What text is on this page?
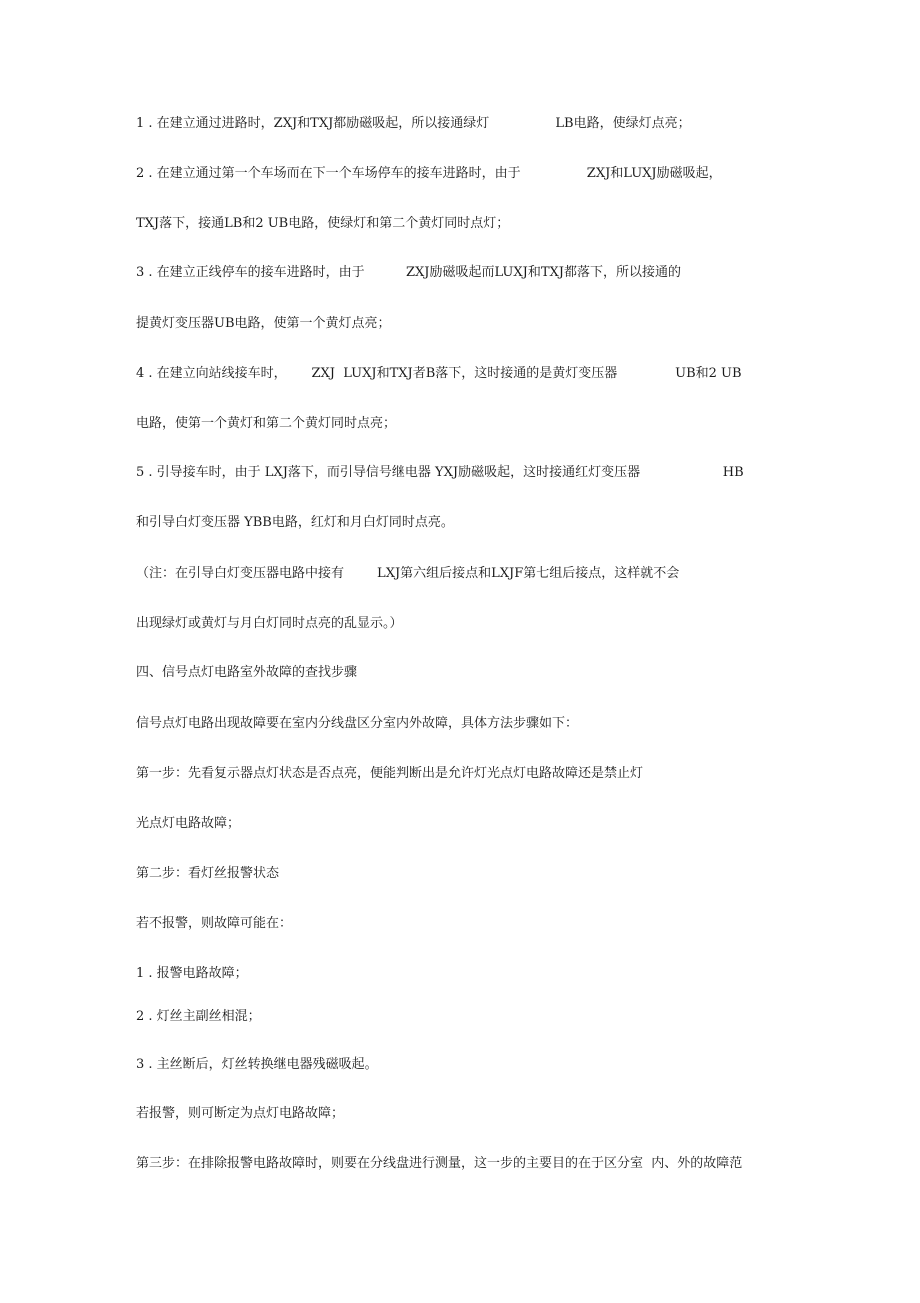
1 . 在建立通过进路时，ZXJ和TXJ都励磁吸起，所以接通绿灯                LB电路，使绿灯点亮；

2 . 在建立通过第一个车场而在下一个车场停车的接车进路时，由于                ZXJ和LUXJ励磁吸起，

TXJ落下，接通LB和2 UB电路，使绿灯和第二个黄灯同时点灯；

3 . 在建立正线停车的接车进路时，由于          ZXJ励磁吸起而LUXJ和TXJ都落下，所以接通的

提黄灯变压器UB电路，使第一个黄灯点亮；

4 . 在建立向站线接车时，      ZXJ  LUXJ和TXJ者B落下，这时接通的是黄灯变压器              UB和2 UB

电路，使第一个黄灯和第二个黄灯同时点亮；

5 . 引导接车时，由于 LXJ落下，而引导信号继电器 YXJ励磁吸起，这时接通红灯变压器                    HB

和引导白灯变压器 YBB电路，红灯和月白灯同时点亮。

（注：在引导白灯变压器电路中接有        LXJ第六组后接点和LXJF第七组后接点，这样就不会

出现绿灯或黄灯与月白灯同时点亮的乱显示。）

四、信号点灯电路室外故障的查找步骤

信号点灯电路出现故障要在室内分线盘区分室内外故障，具体方法步骤如下：

第一步：先看复示器点灯状态是否点亮，便能判断出是允许灯光点灯电路故障还是禁止灯

光点灯电路故障；

第二步：看灯丝报警状态

若不报警，则故障可能在：

1 . 报警电路故障；

2 . 灯丝主副丝相混；

3 . 主丝断后，灯丝转换继电器残磁吸起。

若报警，则可断定为点灯电路故障；

第三步：在排除报警电路故障时，则要在分线盘进行测量，这一步的主要目的在于区分室  内、外的故障范
